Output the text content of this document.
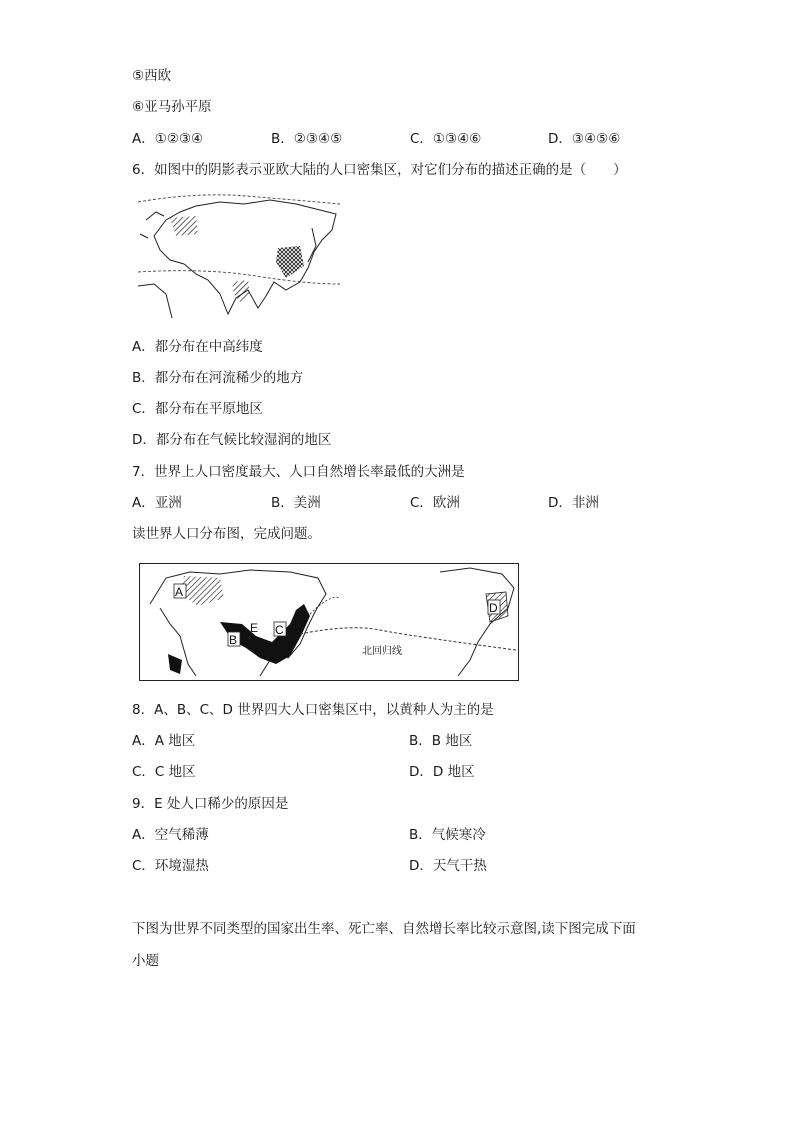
⑤西欧
⑥亚马孙平原
A．①②③④	B．②③④⑤	C．①③④⑥	D．③④⑤⑥
6．如图中的阴影表示亚欧大陆的人口密集区，对它们分布的描述正确的是（　　）
A．都分布在中高纬度
B．都分布在河流稀少的地方
C．都分布在平原地区
D．都分布在气候比较湿润的地区
7．世界上人口密度最大、人口自然增长率最低的大洲是
A．亚洲	B．美洲	C．欧洲	D．非洲
读世界人口分布图，完成问题。
A
B
E C
D
北回归线
8．A、B、C、D 世界四大人口密集区中，以黄种人为主的是
A．A 地区	B．B 地区
C．C 地区	D．D 地区
9．E 处人口稀少的原因是
A．空气稀薄	B．气候寒冷
C．环境湿热	D．天气干热
下图为世界不同类型的国家出生率、死亡率、自然增长率比较示意图,读下图完成下面
小题
